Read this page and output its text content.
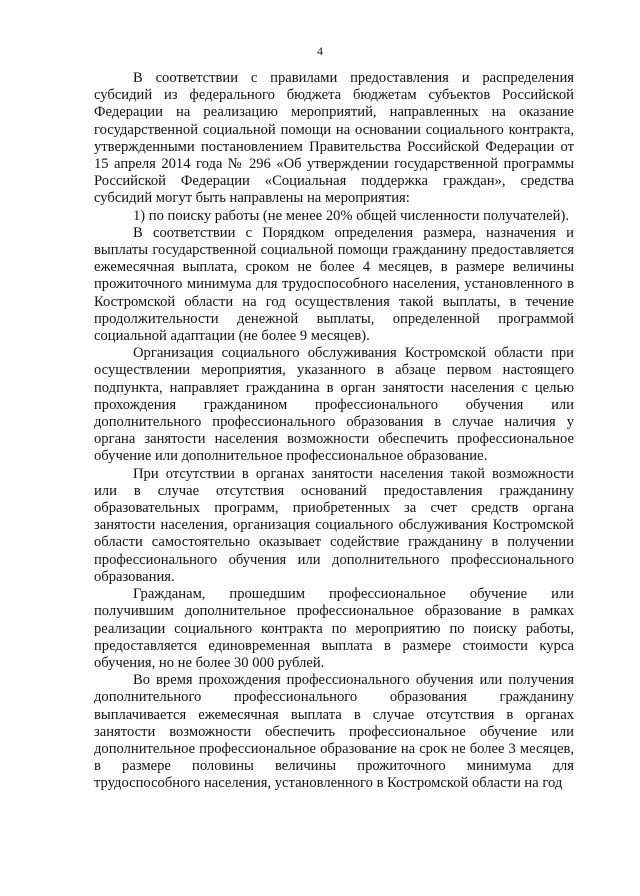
4

В соответствии с правилами предоставления и распределения субсидий из федерального бюджета бюджетам субъектов Российской Федерации на реализацию мероприятий, направленных на оказание государственной социальной помощи на основании социального контракта, утвержденными постановлением Правительства Российской Федерации от 15 апреля 2014 года № 296 «Об утверждении государственной программы Российской Федерации «Социальная поддержка граждан», средства субсидий могут быть направлены на мероприятия:

1) по поиску работы (не менее 20% общей численности получателей).

В соответствии с Порядком определения размера, назначения и выплаты государственной социальной помощи гражданину предоставляется ежемесячная выплата, сроком не более 4 месяцев, в размере величины прожиточного минимума для трудоспособного населения, установленного в Костромской области на год осуществления такой выплаты, в течение продолжительности денежной выплаты, определенной программой социальной адаптации (не более 9 месяцев).

Организация социального обслуживания Костромской области при осуществлении мероприятия, указанного в абзаце первом настоящего подпункта, направляет гражданина в орган занятости населения с целью прохождения гражданином профессионального обучения или дополнительного профессионального образования в случае наличия у органа занятости населения возможности обеспечить профессиональное обучение или дополнительное профессиональное образование.

При отсутствии в органах занятости населения такой возможности или в случае отсутствия оснований предоставления гражданину образовательных программ, приобретенных за счет средств органа занятости населения, организация социального обслуживания Костромской области самостоятельно оказывает содействие гражданину в получении профессионального обучения или дополнительного профессионального образования.

Гражданам, прошедшим профессиональное обучение или получившим дополнительное профессиональное образование в рамках реализации социального контракта по мероприятию по поиску работы, предоставляется единовременная выплата в размере стоимости курса обучения, но не более 30 000 рублей.

Во время прохождения профессионального обучения или получения дополнительного профессионального образования гражданину выплачивается ежемесячная выплата в случае отсутствия в органах занятости возможности обеспечить профессиональное обучение или дополнительное профессиональное образование на срок не более 3 месяцев, в размере половины величины прожиточного минимума для трудоспособного населения, установленного в Костромской области на год
